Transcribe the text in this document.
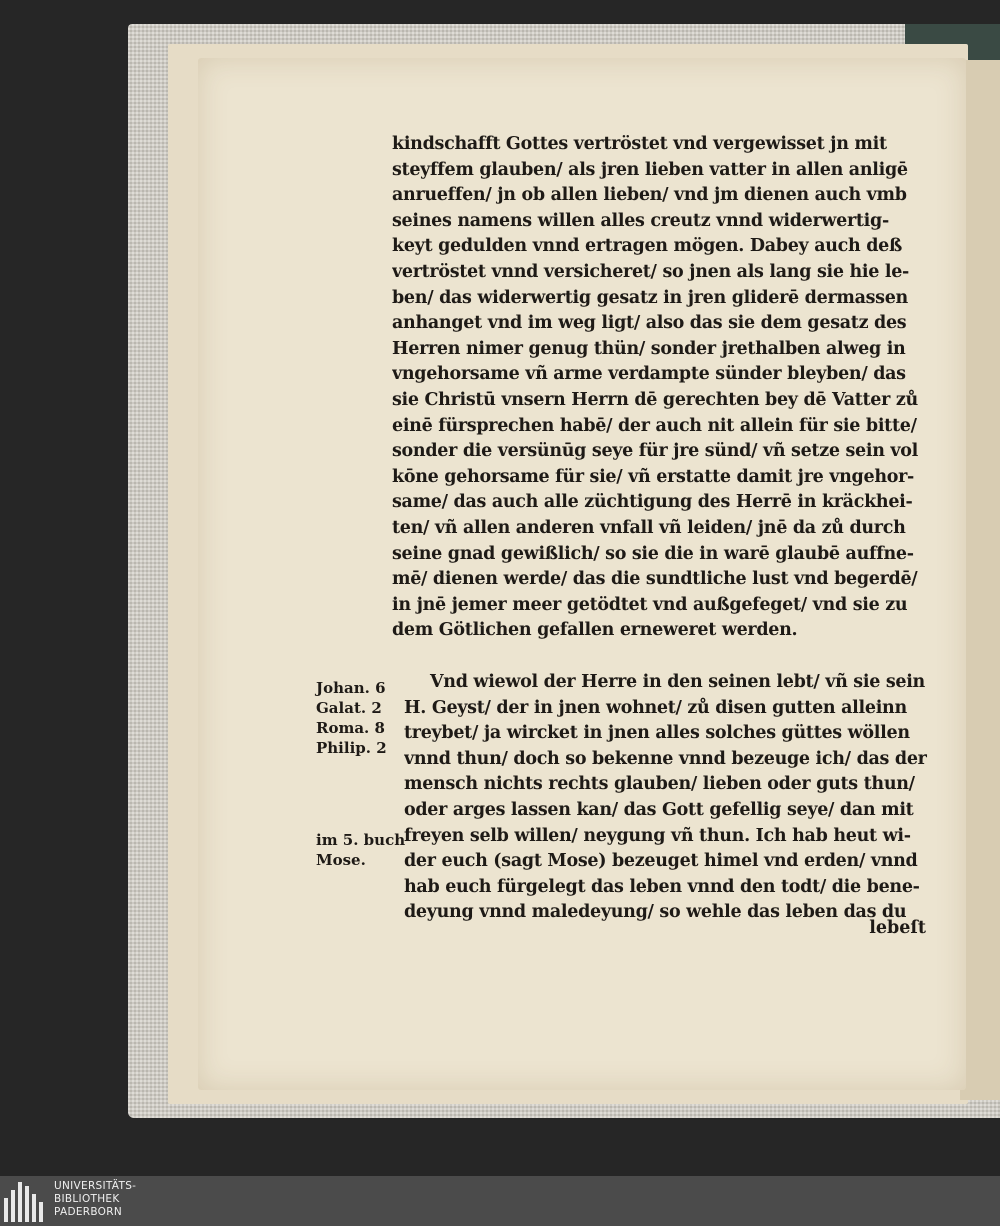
kindschafft Gottes vertröstet vnd vergewisset jn mit
steyffem glauben/ als jren lieben vatter in allen anligē
anrueffen/ jn ob allen lieben/ vnd jm dienen auch vmb
seines namens willen alles creutz vnnd widerwertig-
keyt gedulden vnnd ertragen mögen. Dabey auch deß
vertröstet vnnd versicheret/ so jnen als lang sie hie le-
ben/ das widerwertig gesatz in jren gliderē dermassen
anhanget vnd im weg ligt/ also das sie dem gesatz des
Herren nimer genug thün/ sonder jrethalben alweg in
vngehorsame vñ arme verdampte sünder bleyben/ das
sie Christū vnsern Herrn dē gerechten bey dē Vatter zů
einē fürsprechen habē/ der auch nit allein für sie bitte/
sonder die versünūg seye für jre sünd/ vñ setze sein vol
kōne gehorsame für sie/ vñ erstatte damit jre vngehor-
same/ das auch alle züchtigung des Herrē in kräckhei-
ten/ vñ allen anderen vnfall vñ leiden/ jnē da zů durch
seine gnad gewißlich/ so sie die in warē glaubē auffne-
mē/ dienen werde/ das die sundtliche lust vnd begerdē/
in jnē jemer meer getödtet vnd außgefeget/ vnd sie zu
dem Götlichen gefallen erneweret werden.
Johan. 6
Galat. 2
Roma. 8
Philip. 2
im 5. buch
Mose.
Vnd wiewol der Herre in den seinen lebt/ vñ sie sein
H. Geyst/ der in jnen wohnet/ zů disen gutten alleinn
treybet/ ja wircket in jnen alles solches güttes wöllen
vnnd thun/ doch so bekenne vnnd bezeuge ich/ das der
mensch nichts rechts glauben/ lieben oder guts thun/
oder arges lassen kan/ das Gott gefellig seye/ dan mit
freyen selb willen/ neygung vñ thun. Ich hab heut wi-
der euch (sagt Mose) bezeuget himel vnd erden/ vnnd
hab euch fürgelegt das leben vnnd den todt/ die bene-
deyung vnnd maledeyung/ so wehle das leben das du
lebeſt
UNIVERSITÄTS-
BIBLIOTHEK
PADERBORN
